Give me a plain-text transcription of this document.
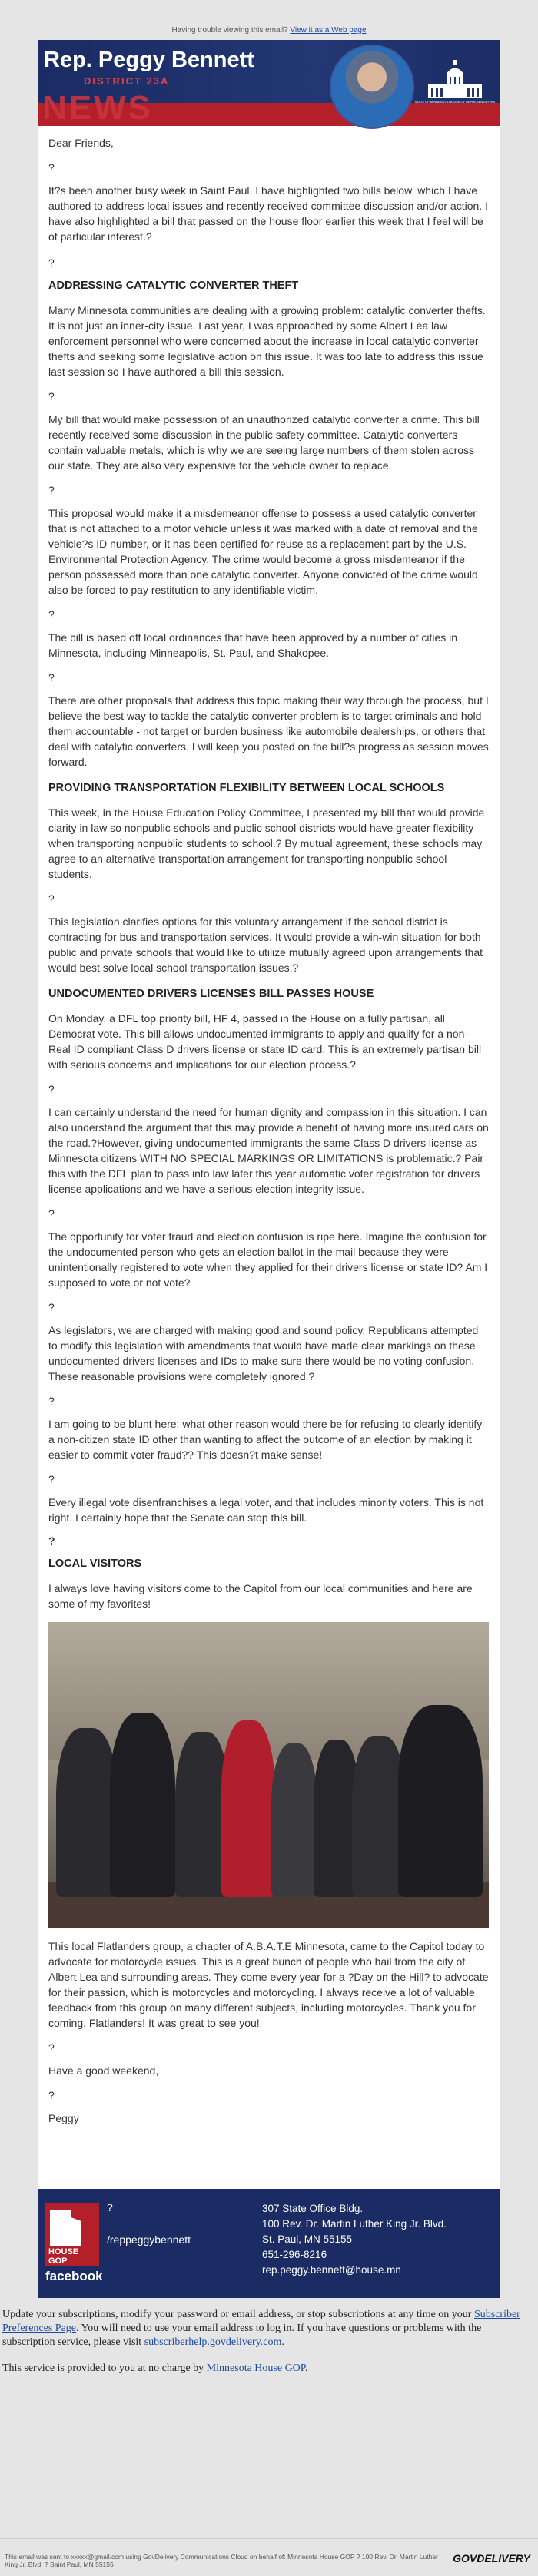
Having trouble viewing this email? View it as a Web page
NEWS
Rep. Peggy Bennett
DISTRICT 23A
STATE OF MINNESOTA HOUSE OF REPRESENTATIVES

Dear Friends,

?

It?s been another busy week in Saint Paul. I have highlighted two bills below, which I have authored to address local issues and recently received committee discussion and/or action. I have also highlighted a bill that passed on the house floor earlier this week that I feel will be of particular interest.?

?
ADDRESSING CATALYTIC CONVERTER THEFT

Many Minnesota communities are dealing with a growing problem: catalytic converter thefts. It is not just an inner-city issue. Last year, I was approached by some Albert Lea law enforcement personnel who were concerned about the increase in local catalytic converter thefts and seeking some legislative action on this issue. It was too late to address this issue last session so I have authored a bill this session.

?

My bill that would make possession of an unauthorized catalytic converter a crime. This bill recently received some discussion in the public safety committee. Catalytic converters contain valuable metals, which is why we are seeing large numbers of them stolen across our state. They are also very expensive for the vehicle owner to replace.

?

This proposal would make it a misdemeanor offense to possess a used catalytic converter that is not attached to a motor vehicle unless it was marked with a date of removal and the vehicle?s ID number, or it has been certified for reuse as a replacement part by the U.S. Environmental Protection Agency. The crime would become a gross misdemeanor if the person possessed more than one catalytic converter. Anyone convicted of the crime would also be forced to pay restitution to any identifiable victim.

?

The bill is based off local ordinances that have been approved by a number of cities in Minnesota, including Minneapolis, St. Paul, and Shakopee.

?

There are other proposals that address this topic making their way through the process, but I believe the best way to tackle the catalytic converter problem is to target criminals and hold them accountable - not target or burden business like automobile dealerships, or others that deal with catalytic converters. I will keep you posted on the bill?s progress as session moves forward.

PROVIDING TRANSPORTATION FLEXIBILITY BETWEEN LOCAL SCHOOLS

This week, in the House Education Policy Committee, I presented my bill that would provide clarity in law so nonpublic schools and public school districts would have greater flexibility when transporting nonpublic students to school.? By mutual agreement, these schools may agree to an alternative transportation arrangement for transporting nonpublic school students.

?

This legislation clarifies options for this voluntary arrangement if the school district is contracting for bus and transportation services. It would provide a win-win situation for both public and private schools that would like to utilize mutually agreed upon arrangements that would best solve local school transportation issues.?

UNDOCUMENTED DRIVERS LICENSES BILL PASSES HOUSE

On Monday, a DFL top priority bill, HF 4, passed in the House on a fully partisan, all Democrat vote. This bill allows undocumented immigrants to apply and qualify for a non-Real ID compliant Class D drivers license or state ID card. This is an extremely partisan bill with serious concerns and implications for our election process.?

?

I can certainly understand the need for human dignity and compassion in this situation. I can also understand the argument that this may provide a benefit of having more insured cars on the road.?However, giving undocumented immigrants the same Class D drivers license as Minnesota citizens WITH NO SPECIAL MARKINGS OR LIMITATIONS is problematic.? Pair this with the DFL plan to pass into law later this year automatic voter registration for drivers license applications and we have a serious election integrity issue.

?

The opportunity for voter fraud and election confusion is ripe here. Imagine the confusion for the undocumented person who gets an election ballot in the mail because they were unintentionally registered to vote when they applied for their drivers license or state ID? Am I supposed to vote or not vote?

?

As legislators, we are charged with making good and sound policy. Republicans attempted to modify this legislation with amendments that would have made clear markings on these undocumented drivers licenses and IDs to make sure there would be no voting confusion. These reasonable provisions were completely ignored.?

?

I am going to be blunt here: what other reason would there be for refusing to clearly identify a non-citizen state ID other than wanting to affect the outcome of an election by making it easier to commit voter fraud?? This doesn?t make sense!

?

Every illegal vote disenfranchises a legal voter, and that includes minority voters. This is not right. I certainly hope that the Senate can stop this bill.

?
LOCAL VISITORS

I always love having visitors come to the Capitol from our local communities and here are some of my favorites!

This local Flatlanders group, a chapter of A.B.A.T.E Minnesota, came to the Capitol today to advocate for motorcycle issues. This is a great bunch of people who hail from the city of Albert Lea and surrounding areas. They come every year for a ?Day on the Hill? to advocate for their passion, which is motorcycles and motorcycling. I always receive a lot of valuable feedback from this group on many different subjects, including motorcycles. Thank you for coming, Flatlanders! It was great to see you!

?

Have a good weekend,

?

Peggy

HOUSE GOP
facebook
?
/reppeggybennett
307 State Office Bldg.
100 Rev. Dr. Martin Luther King Jr. Blvd.
St. Paul, MN 55155
651-296-8216
rep.peggy.bennett@house.mn

Update your subscriptions, modify your password or email address, or stop subscriptions at any time on your Subscriber Preferences Page. You will need to use your email address to log in. If you have questions or problems with the subscription service, please visit subscriberhelp.govdelivery.com.

This service is provided to you at no charge by Minnesota House GOP.

This email was sent to xxxxx@gmail.com using GovDelivery Communications Cloud on behalf of: Minnesota House GOP ? 100 Rev. Dr. Martin Luther King Jr. Blvd. ? Saint Paul, MN 55155	GOVDELIVERY
